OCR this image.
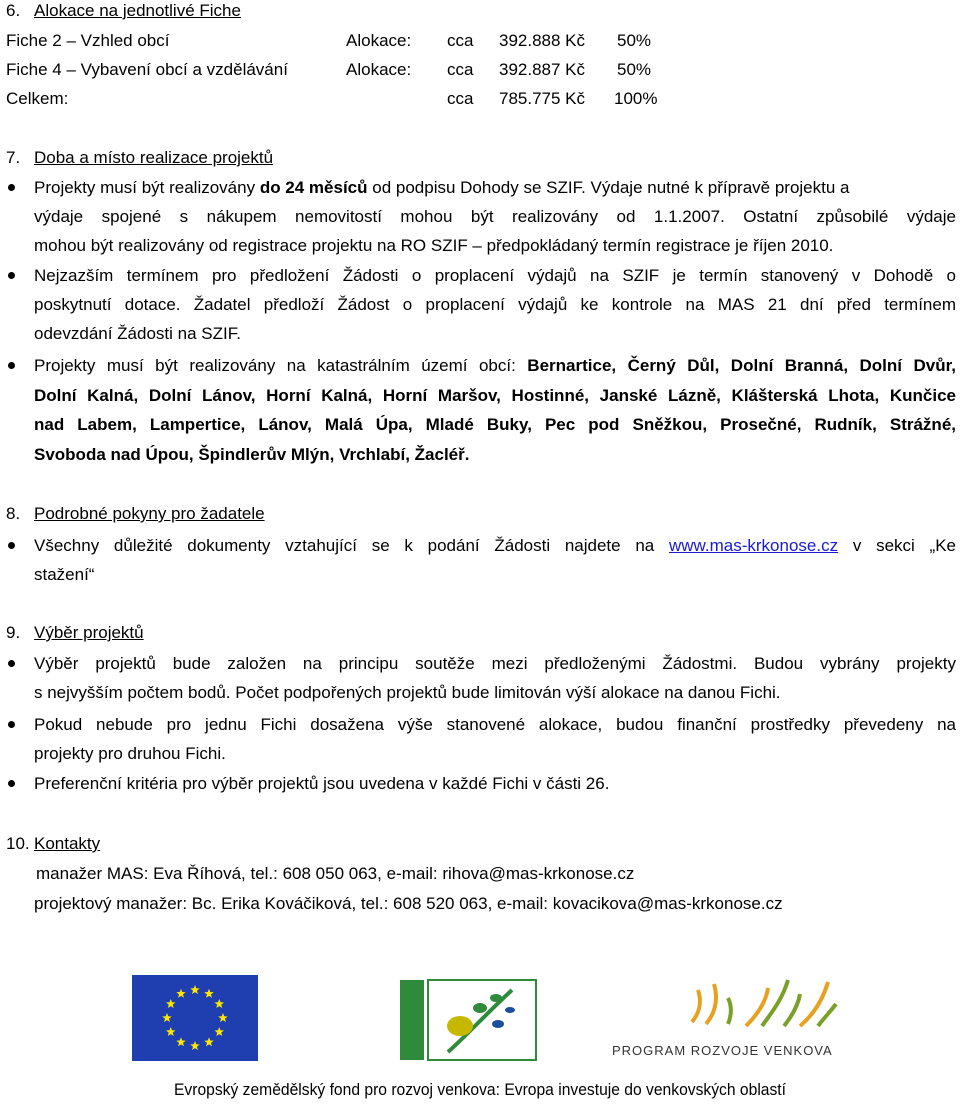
6. Alokace na jednotlivé Fiche
Fiche 2 – Vzhled obcí	Alokace: cca 392.888 Kč 50%
Fiche 4 – Vybavení obcí a vzdělávání	Alokace: cca 392.887 Kč 50%
Celkem:	cca 785.775 Kč 100%
7. Doba a místo realizace projektů
Projekty musí být realizovány do 24 měsíců od podpisu Dohody se SZIF. Výdaje nutné k přípravě projektu a
výdaje spojené s nákupem nemovitostí mohou být realizovány od 1.1.2007. Ostatní způsobilé výdaje
mohou být realizovány od registrace projektu na RO SZIF – předpokládaný termín registrace je říjen 2010.
Nejzazším termínem pro předložení Žádosti o proplacení výdajů na SZIF je termín stanovený v Dohodě o
poskytnutí dotace. Žadatel předloží Žádost o proplacení výdajů ke kontrole na MAS 21 dní před termínem
odevzdání Žádosti na SZIF.
Projekty musí být realizovány na katastrálním území obcí: Bernartice, Černý Důl, Dolní Branná, Dolní Dvůr,
Dolní Kalná, Dolní Lánov, Horní Kalná, Horní Maršov, Hostinné, Janské Lázně, Klášterská Lhota, Kunčice
nad Labem, Lampertice, Lánov, Malá Úpa, Mladé Buky, Pec pod Sněžkou, Prosečné, Rudník, Strážné,
Svoboda nad Úpou, Špindlerův Mlýn, Vrchlabí, Žacléř.
8. Podrobné pokyny pro žadatele
Všechny důležité dokumenty vztahující se k podání Žádosti najdete na www.mas-krkonose.cz v sekci „Ke
stažení“
9. Výběr projektů
Výběr projektů bude založen na principu soutěže mezi předloženými Žádostmi. Budou vybrány projekty
s nejvyšším počtem bodů. Počet podpořených projektů bude limitován výší alokace na danou Fichi.
Pokud nebude pro jednu Fichi dosažena výše stanovené alokace, budou finanční prostředky převedeny na
projekty pro druhou Fichi.
Preferenční kritéria pro výběr projektů jsou uvedena v každé Fichi v části 26.
10. Kontakty
manažer MAS: Eva Říhová, tel.: 608 050 063, e-mail: rihova@mas-krkonose.cz
projektový manažer: Bc. Erika Kováčiková, tel.: 608 520 063, e-mail: kovacikova@mas-krkonose.cz
LEADER
PROGRAM ROZVOJE VENKOVA
Evropský zemědělský fond pro rozvoj venkova: Evropa investuje do venkovských oblastí
